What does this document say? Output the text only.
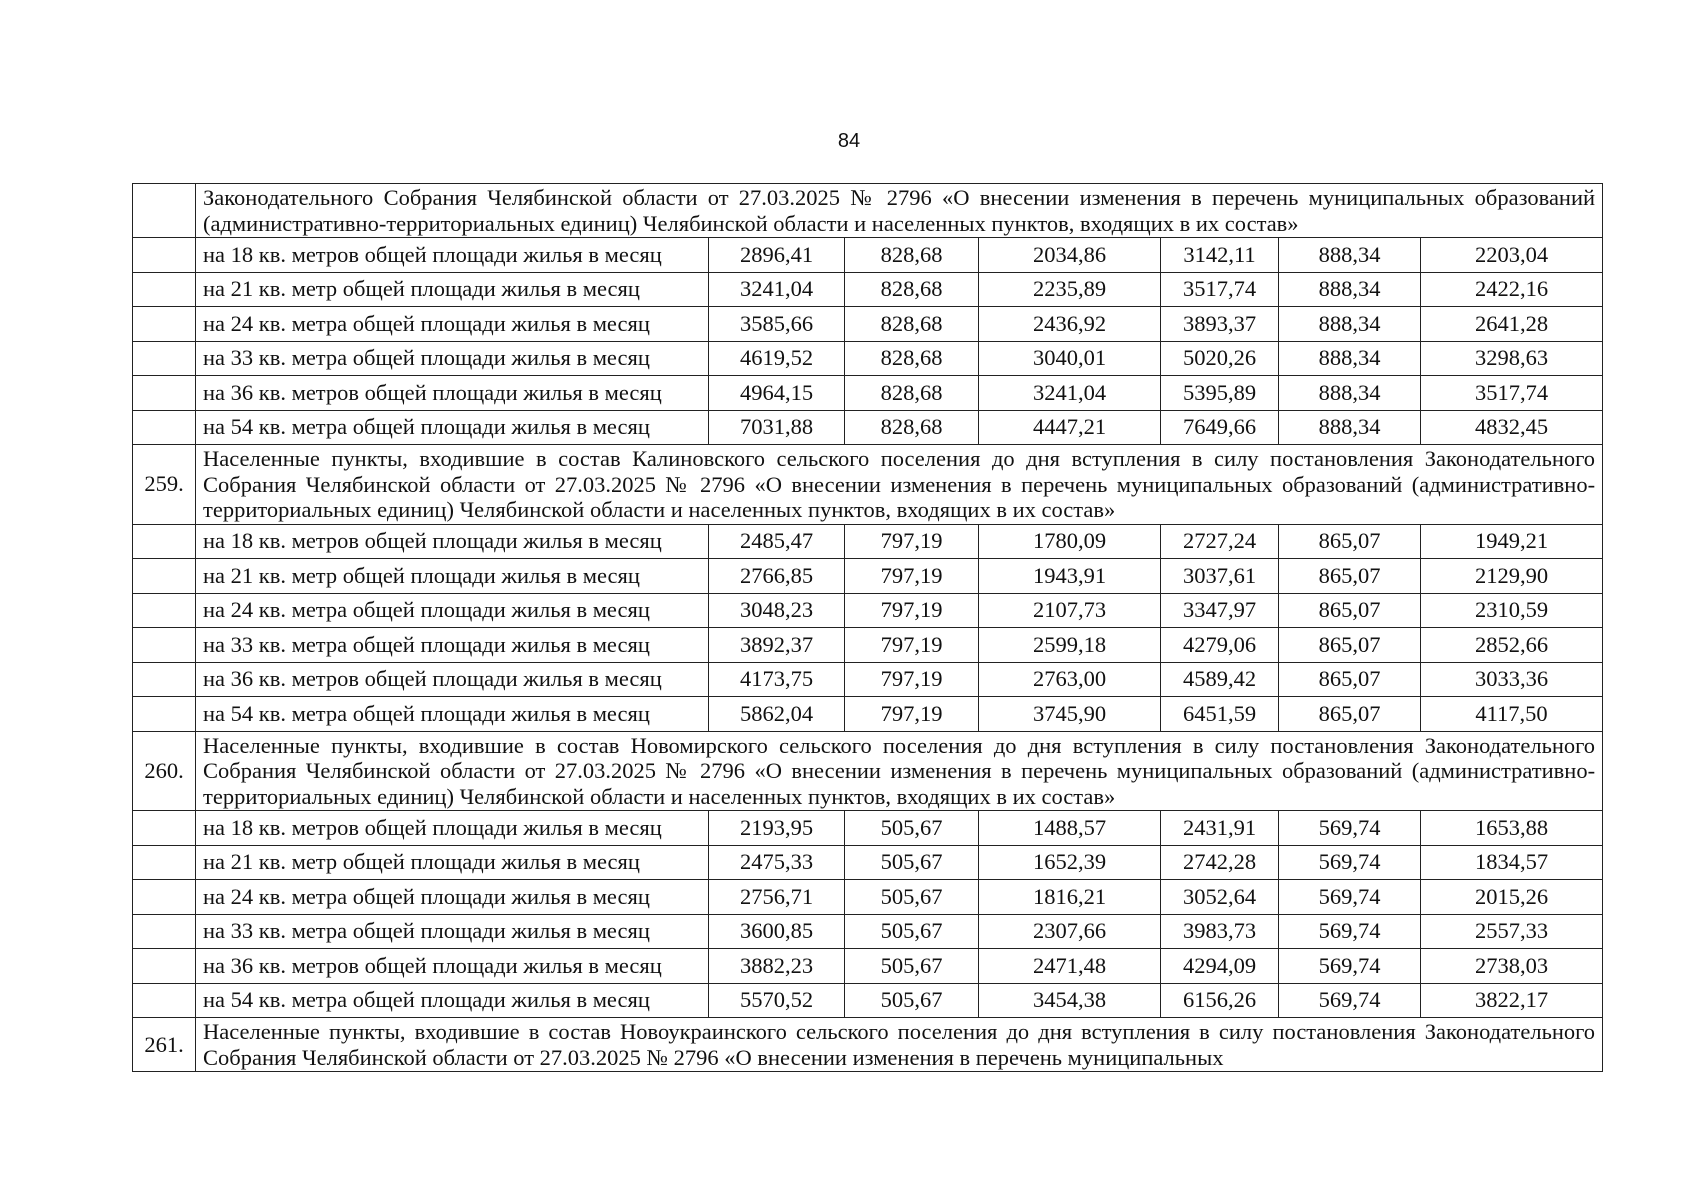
84
	Законодательного Собрания Челябинской области от 27.03.2025 № 2796 «О внесении изменения в перечень муниципальных образований (административно-территориальных единиц) Челябинской области и населенных пунктов, входящих в их состав»						
	на 18 кв. метров общей площади жилья в месяц	2896,41	828,68	2034,86	3142,11	888,34	2203,04
	на 21 кв. метр общей площади жилья в месяц	3241,04	828,68	2235,89	3517,74	888,34	2422,16
	на 24 кв. метра общей площади жилья в месяц	3585,66	828,68	2436,92	3893,37	888,34	2641,28
	на 33 кв. метра общей площади жилья в месяц	4619,52	828,68	3040,01	5020,26	888,34	3298,63
	на 36 кв. метров общей площади жилья в месяц	4964,15	828,68	3241,04	5395,89	888,34	3517,74
	на 54 кв. метра общей площади жилья в месяц	7031,88	828,68	4447,21	7649,66	888,34	4832,45
259.	Населенные пункты, входившие в состав Калиновского сельского поселения до дня вступления в силу постановления Законодательного Собрания Челябинской области от 27.03.2025 № 2796 «О внесении изменения в перечень муниципальных образований (административно-территориальных единиц) Челябинской области и населенных пунктов, входящих в их состав»						
	на 18 кв. метров общей площади жилья в месяц	2485,47	797,19	1780,09	2727,24	865,07	1949,21
	на 21 кв. метр общей площади жилья в месяц	2766,85	797,19	1943,91	3037,61	865,07	2129,90
	на 24 кв. метра общей площади жилья в месяц	3048,23	797,19	2107,73	3347,97	865,07	2310,59
	на 33 кв. метра общей площади жилья в месяц	3892,37	797,19	2599,18	4279,06	865,07	2852,66
	на 36 кв. метров общей площади жилья в месяц	4173,75	797,19	2763,00	4589,42	865,07	3033,36
	на 54 кв. метра общей площади жилья в месяц	5862,04	797,19	3745,90	6451,59	865,07	4117,50
260.	Населенные пункты, входившие в состав Новомирского сельского поселения до дня вступления в силу постановления Законодательного Собрания Челябинской области от 27.03.2025 № 2796 «О внесении изменения в перечень муниципальных образований (административно-территориальных единиц) Челябинской области и населенных пунктов, входящих в их состав»						
	на 18 кв. метров общей площади жилья в месяц	2193,95	505,67	1488,57	2431,91	569,74	1653,88
	на 21 кв. метр общей площади жилья в месяц	2475,33	505,67	1652,39	2742,28	569,74	1834,57
	на 24 кв. метра общей площади жилья в месяц	2756,71	505,67	1816,21	3052,64	569,74	2015,26
	на 33 кв. метра общей площади жилья в месяц	3600,85	505,67	2307,66	3983,73	569,74	2557,33
	на 36 кв. метров общей площади жилья в месяц	3882,23	505,67	2471,48	4294,09	569,74	2738,03
	на 54 кв. метра общей площади жилья в месяц	5570,52	505,67	3454,38	6156,26	569,74	3822,17
261.	Населенные пункты, входившие в состав Новоукраинского сельского поселения до дня вступления в силу постановления Законодательного Собрания Челябинской области от 27.03.2025 № 2796 «О внесении изменения в перечень муниципальных						
